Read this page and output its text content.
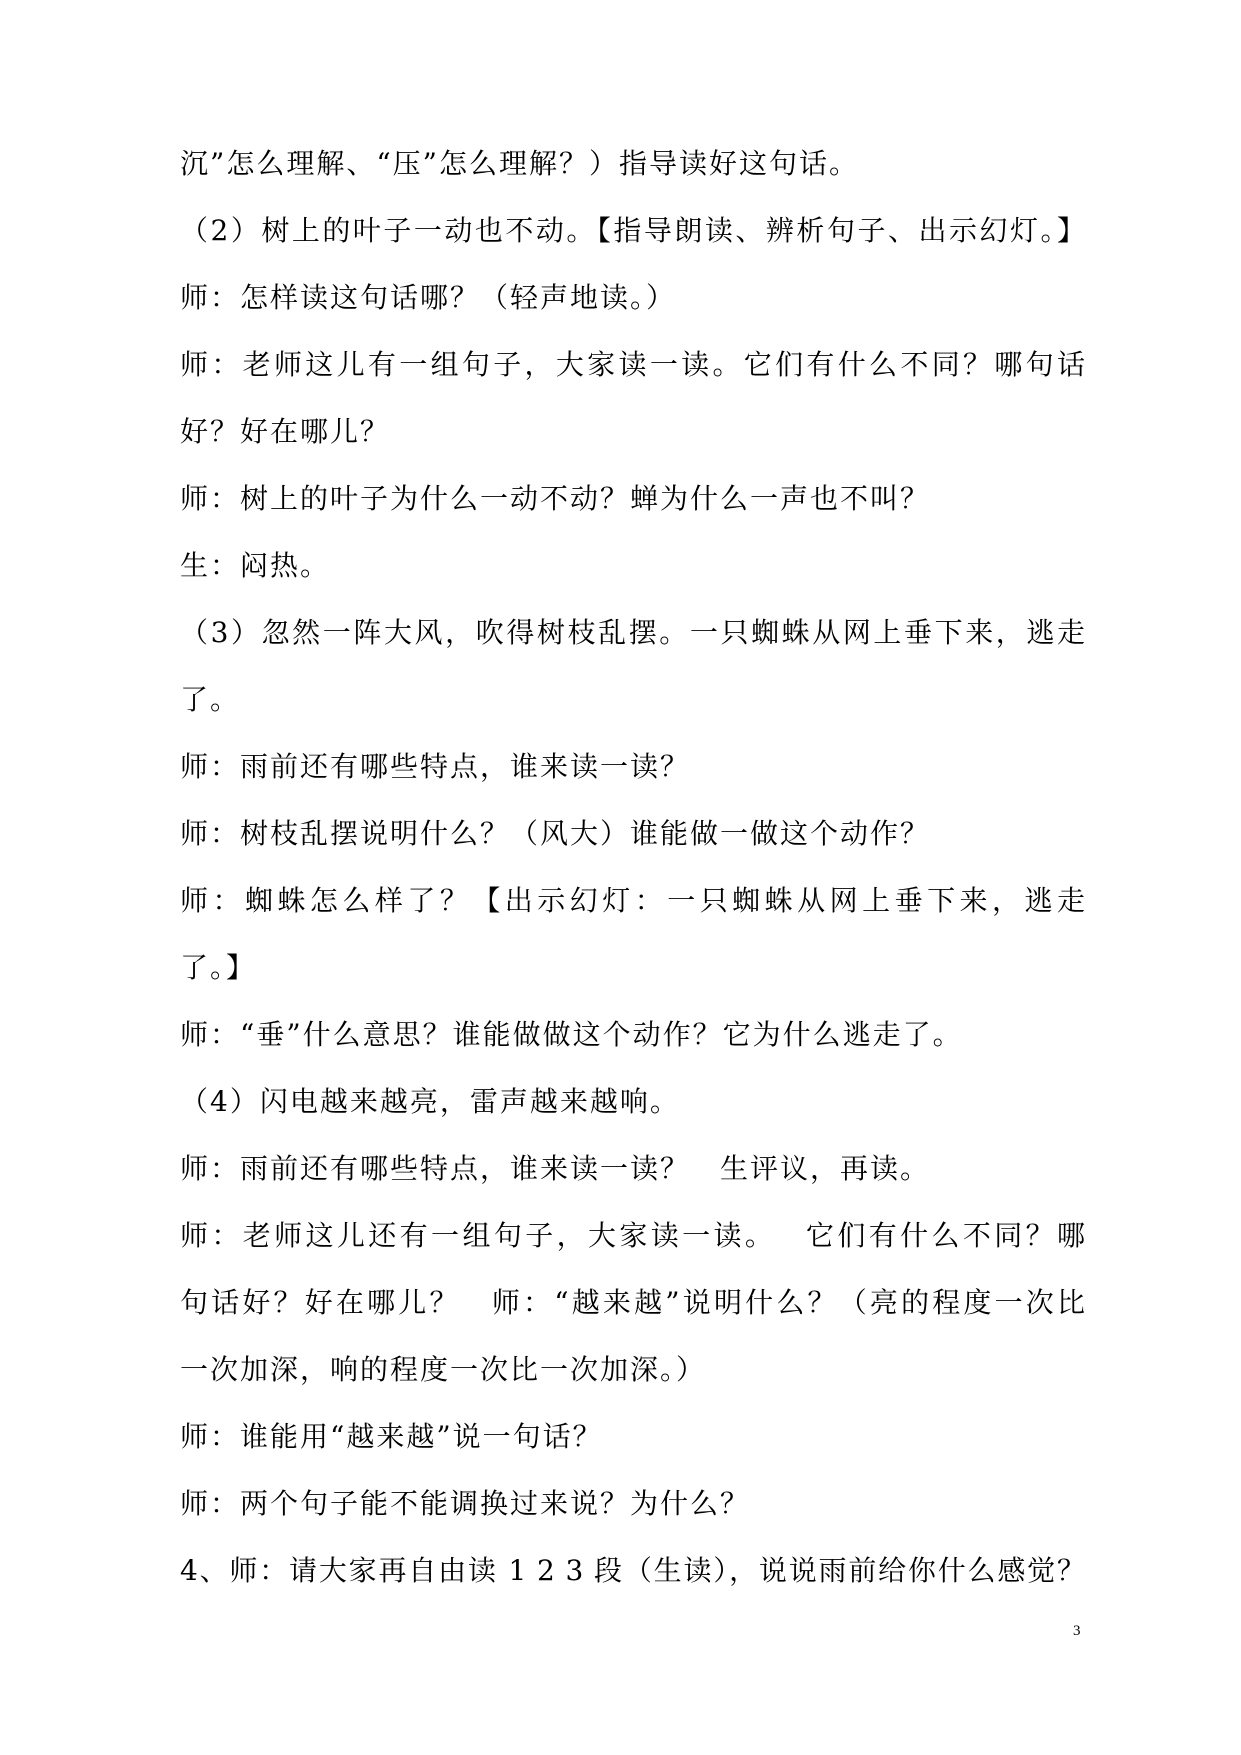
沉”怎么理解、“压”怎么理解？）指导读好这句话。
（2）树上的叶子一动也不动。【指导朗读、辨析句子、出示幻灯。】
师：怎样读这句话哪？（轻声地读。）
师：老师这儿有一组句子，大家读一读。它们有什么不同？哪句话
好？好在哪儿？
师：树上的叶子为什么一动不动？蝉为什么一声也不叫？
生：闷热。
（3）忽然一阵大风，吹得树枝乱摆。一只蜘蛛从网上垂下来，逃走
了。
师：雨前还有哪些特点，谁来读一读？
师：树枝乱摆说明什么？（风大）谁能做一做这个动作？
师：蜘蛛怎么样了？【出示幻灯：一只蜘蛛从网上垂下来，逃走
了。】
师：“垂”什么意思？谁能做做这个动作？它为什么逃走了。
（4）闪电越来越亮，雷声越来越响。
师：雨前还有哪些特点，谁来读一读？　生评议，再读。
师：老师这儿还有一组句子，大家读一读。　 它们有什么不同？哪
句话好？好在哪儿？　师：“越来越”说明什么？（亮的程度一次比
一次加深，响的程度一次比一次加深。）
师：谁能用“越来越”说一句话？
师：两个句子能不能调换过来说？为什么？
4、师：请大家再自由读 1 2 3 段（生读），说说雨前给你什么感觉？
3
